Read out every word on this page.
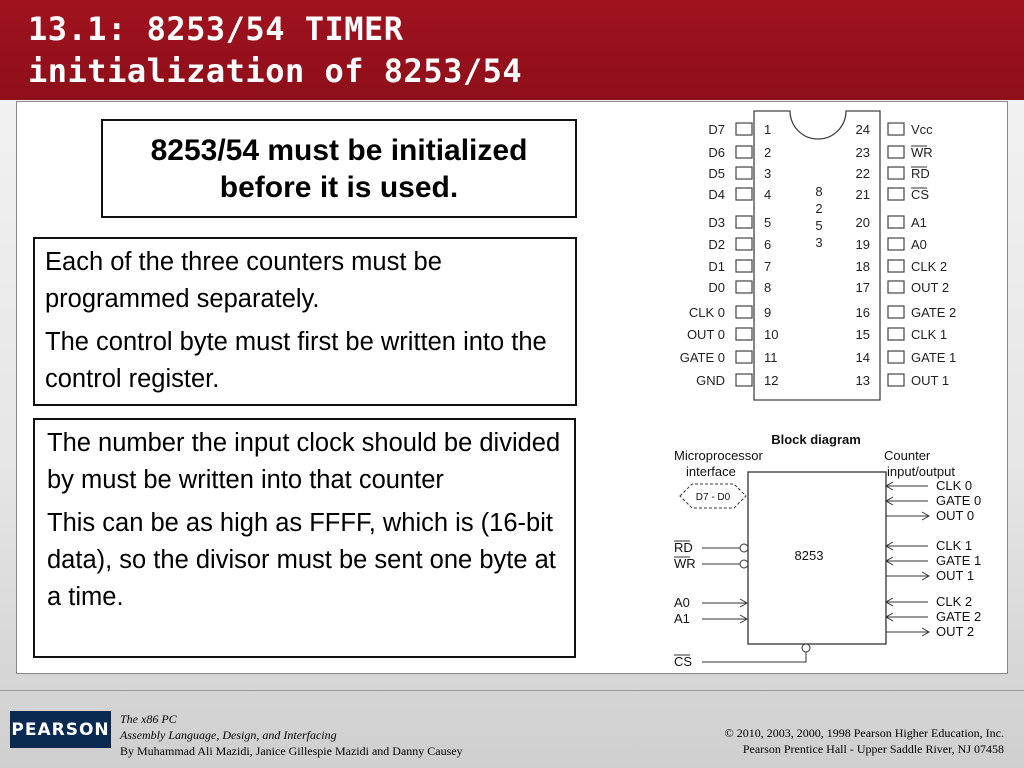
13.1: 8253/54 TIMER
initialization of 8253/54
8253/54 must be initialized
before it is used.

Each of the three counters must be programmed separately.

The control byte must first be written into the control register.

The number the input clock should be divided by must be written into that counter

This can be as high as FFFF, which is (16-bit data), so the divisor must be sent one byte at a time.

D7	1
D6	2
D5	3
D4	4
D3	5
D2	6
D1	7
D0	8
CLK 0	9
OUT 0	10
GATE 0	11
GND	12
24	Vcc
23	WR
22	RD
21	CS
20	A1
19	A0
18	CLK 2
17	OUT 2
16	GATE 2
15	CLK 1
14	GATE 1
13	OUT 1
8
2
5
3
Block diagram
Microprocessor
interface
Counter
input/output
8253
D7 - D0
RD
WR
A0
A1
CS
CLK 0
GATE 0
OUT 0
CLK 1
GATE 1
OUT 1
CLK 2
GATE 2
OUT 2
PEARSON
The x86 PC
Assembly Language, Design, and Interfacing
By Muhammad Ali Mazidi, Janice Gillespie Mazidi and Danny Causey
© 2010, 2003, 2000, 1998 Pearson Higher Education, Inc.
Pearson Prentice Hall - Upper Saddle River, NJ 07458
